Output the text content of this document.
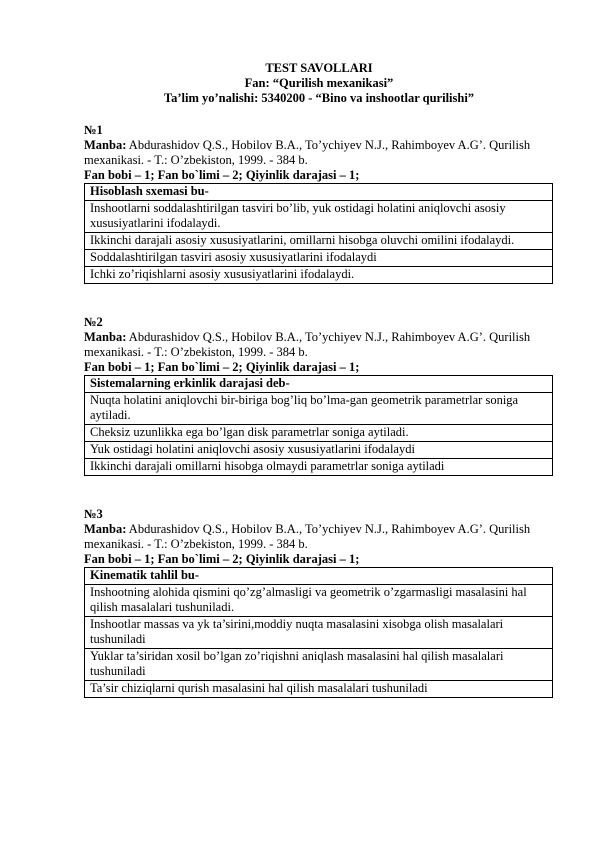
TEST SAVOLLARI
Fan: “Qurilish mexanikasi”
Ta’lim yo’nalishi: 5340200 - “Bino va inshootlar qurilishi”
№1
Manba: Abdurashidov Q.S., Hobilov B.A., To’ychiyev N.J., Rahimboyev A.G’. Qurilish mexanikasi. - T.: O’zbekiston, 1999. - 384 b.
Fan bobi – 1; Fan bo`limi – 2; Qiyinlik darajasi – 1;
Hisoblash sxemasi bu-
Inshootlarni soddalashtirilgan tasviri bo’lib, yuk ostidagi holatini aniqlovchi asosiy xususiyatlarini ifodalaydi.
Ikkinchi darajali asosiy xususiyatlarini, omillarni hisobga oluvchi omilini ifodalaydi.
Soddalashtirilgan tasviri asosiy xususiyatlarini ifodalaydi
Ichki zo’riqishlarni asosiy xususiyatlarini ifodalaydi.
№2
Manba: Abdurashidov Q.S., Hobilov B.A., To’ychiyev N.J., Rahimboyev A.G’. Qurilish mexanikasi. - T.: O’zbekiston, 1999. - 384 b.
Fan bobi – 1; Fan bo`limi – 2; Qiyinlik darajasi – 1;
Sistemalarning erkinlik darajasi deb-
Nuqta holatini aniqlovchi bir-biriga bog’liq bo’lma-gan geometrik parametrlar soniga aytiladi.
Cheksiz uzunlikka ega bo’lgan disk parametrlar soniga aytiladi.
Yuk ostidagi holatini aniqlovchi asosiy xususiyatlarini ifodalaydi
Ikkinchi darajali omillarni hisobga olmaydi parametrlar soniga aytiladi
№3
Manba: Abdurashidov Q.S., Hobilov B.A., To’ychiyev N.J., Rahimboyev A.G’. Qurilish mexanikasi. - T.: O’zbekiston, 1999. - 384 b.
Fan bobi – 1; Fan bo`limi – 2; Qiyinlik darajasi – 1;
Kinematik tahlil bu-
Inshootning alohida qismini qo’zg’almasligi va geometrik o’zgarmasligi masalasini hal qilish masalalari tushuniladi.
Inshootlar massas va yk ta’sirini,moddiy nuqta masalasini xisobga olish masalalari tushuniladi
Yuklar ta’siridan xosil bo’lgan zo’riqishni aniqlash masalasini hal qilish masalalari tushuniladi
Ta’sir chiziqlarni qurish masalasini hal qilish masalalari tushuniladi
